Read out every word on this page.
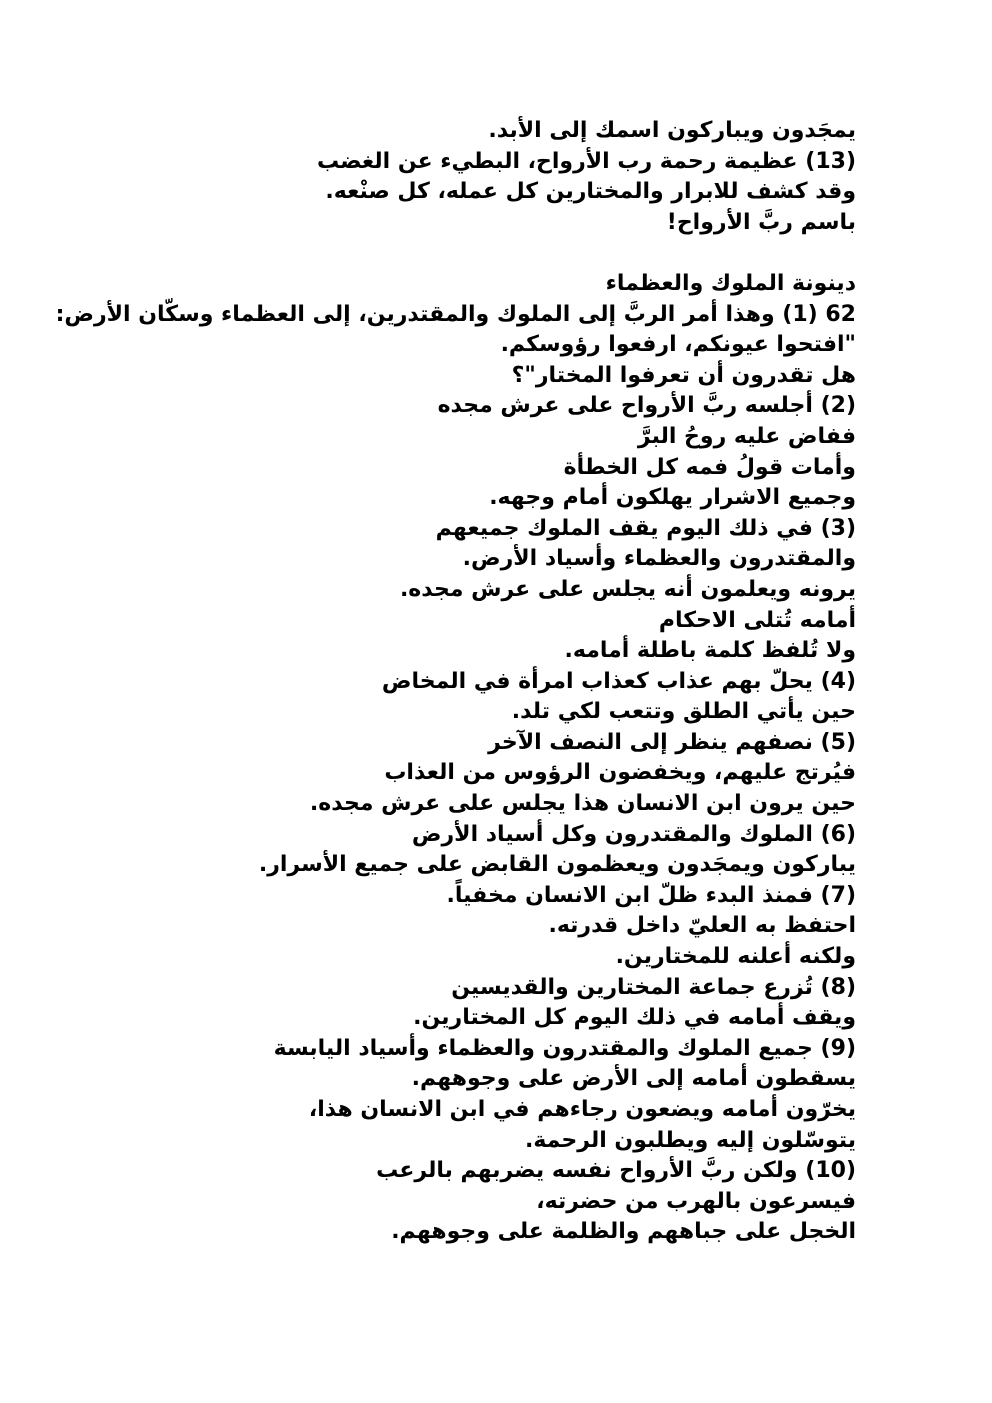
يمجَدون ويباركون اسمك إلى الأبد.
(13) عظيمة رحمة رب الأرواح، البطيء عن الغضب
وقد كشف للابرار والمختارين كل عمله، كل صنْعه.
باسم ربَّ الأرواح!
دينونة الملوك والعظماء
62 (1) وهذا أمر الربَّ إلى الملوك والمقتدرين، إلى العظماء وسكّان الأرض:
"افتحوا عيونكم، ارفعوا رؤوسكم.
هل تقدرون أن تعرفوا المختار"؟
(2) أجلسه ربَّ الأرواح على عرش مجده
ففاض عليه روحُ البرَّ
وأمات قولُ فمه كل الخطأة
وجميع الاشرار يهلكون أمام وجهه.
(3) في ذلك اليوم يقف الملوك جميعهم
والمقتدرون والعظماء وأسياد الأرض.
يرونه ويعلمون أنه يجلس على عرش مجده.
أمامه تُتلى الاحكام
ولا تُلفظ كلمة باطلة أمامه.
(4) يحلّ بهم عذاب كعذاب امرأة في المخاض
حين يأتي الطلق وتتعب لكي تلد.
(5) نصفهم ينظر إلى النصف الآخر
فيُرتج عليهم، ويخفضون الرؤوس من العذاب
حين يرون ابن الانسان هذا يجلس على عرش مجده.
(6) الملوك والمقتدرون وكل أسياد الأرض
يباركون ويمجَدون ويعظمون القابض على جميع الأسرار.
(7) فمنذ البدء ظلّ ابن الانسان مخفياً.
احتفظ به العليّ داخل قدرته.
ولكنه أعلنه للمختارين.
(8) تُزرع جماعة المختارين والقديسين
ويقف أمامه في ذلك اليوم كل المختارين.
(9) جميع الملوك والمقتدرون والعظماء وأسياد اليابسة
يسقطون أمامه إلى الأرض على وجوههم.
يخرّون أمامه ويضعون رجاءهم في ابن الانسان هذا،
يتوسّلون إليه ويطلبون الرحمة.
(10) ولكن ربَّ الأرواح نفسه يضربهم بالرعب
فيسرعون بالهرب من حضرته،
الخجل على جباههم والظلمة على وجوههم.
